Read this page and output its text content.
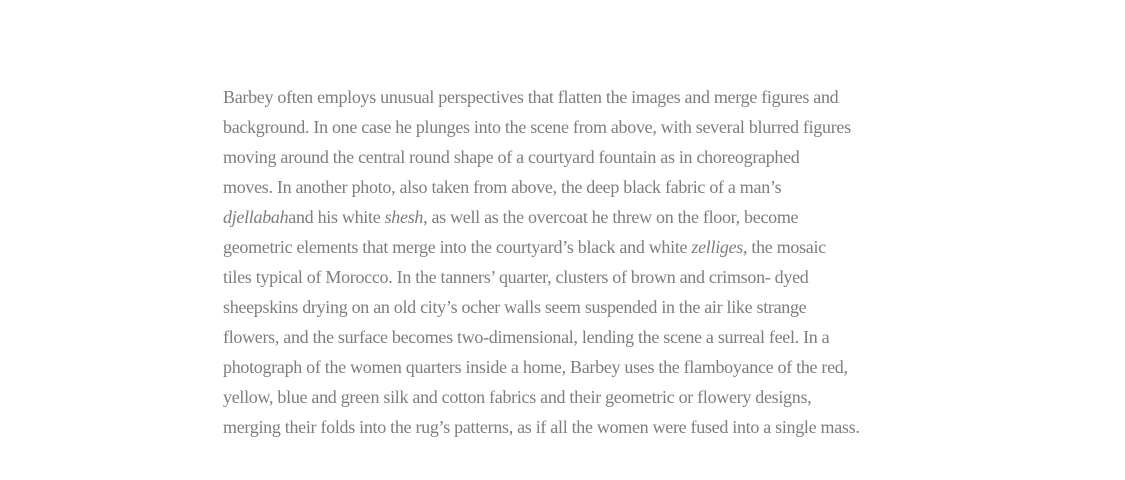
Barbey often employs unusual perspectives that flatten the images and merge figures and
background. In one case he plunges into the scene from above, with several blurred figures
moving around the central round shape of a courtyard fountain as in choreographed
moves. In another photo, also taken from above, the deep black fabric of a man’s
djellabahand his white shesh, as well as the overcoat he threw on the floor, become
geometric elements that merge into the courtyard’s black and white zelliges, the mosaic
tiles typical of Morocco. In the tanners’ quarter, clusters of brown and crimson- dyed
sheepskins drying on an old city’s ocher walls seem suspended in the air like strange
flowers, and the surface becomes two-dimensional, lending the scene a surreal feel. In a
photograph of the women quarters inside a home, Barbey uses the flamboyance of the red,
yellow, blue and green silk and cotton fabrics and their geometric or flowery designs,
merging their folds into the rug’s patterns, as if all the women were fused into a single mass.
